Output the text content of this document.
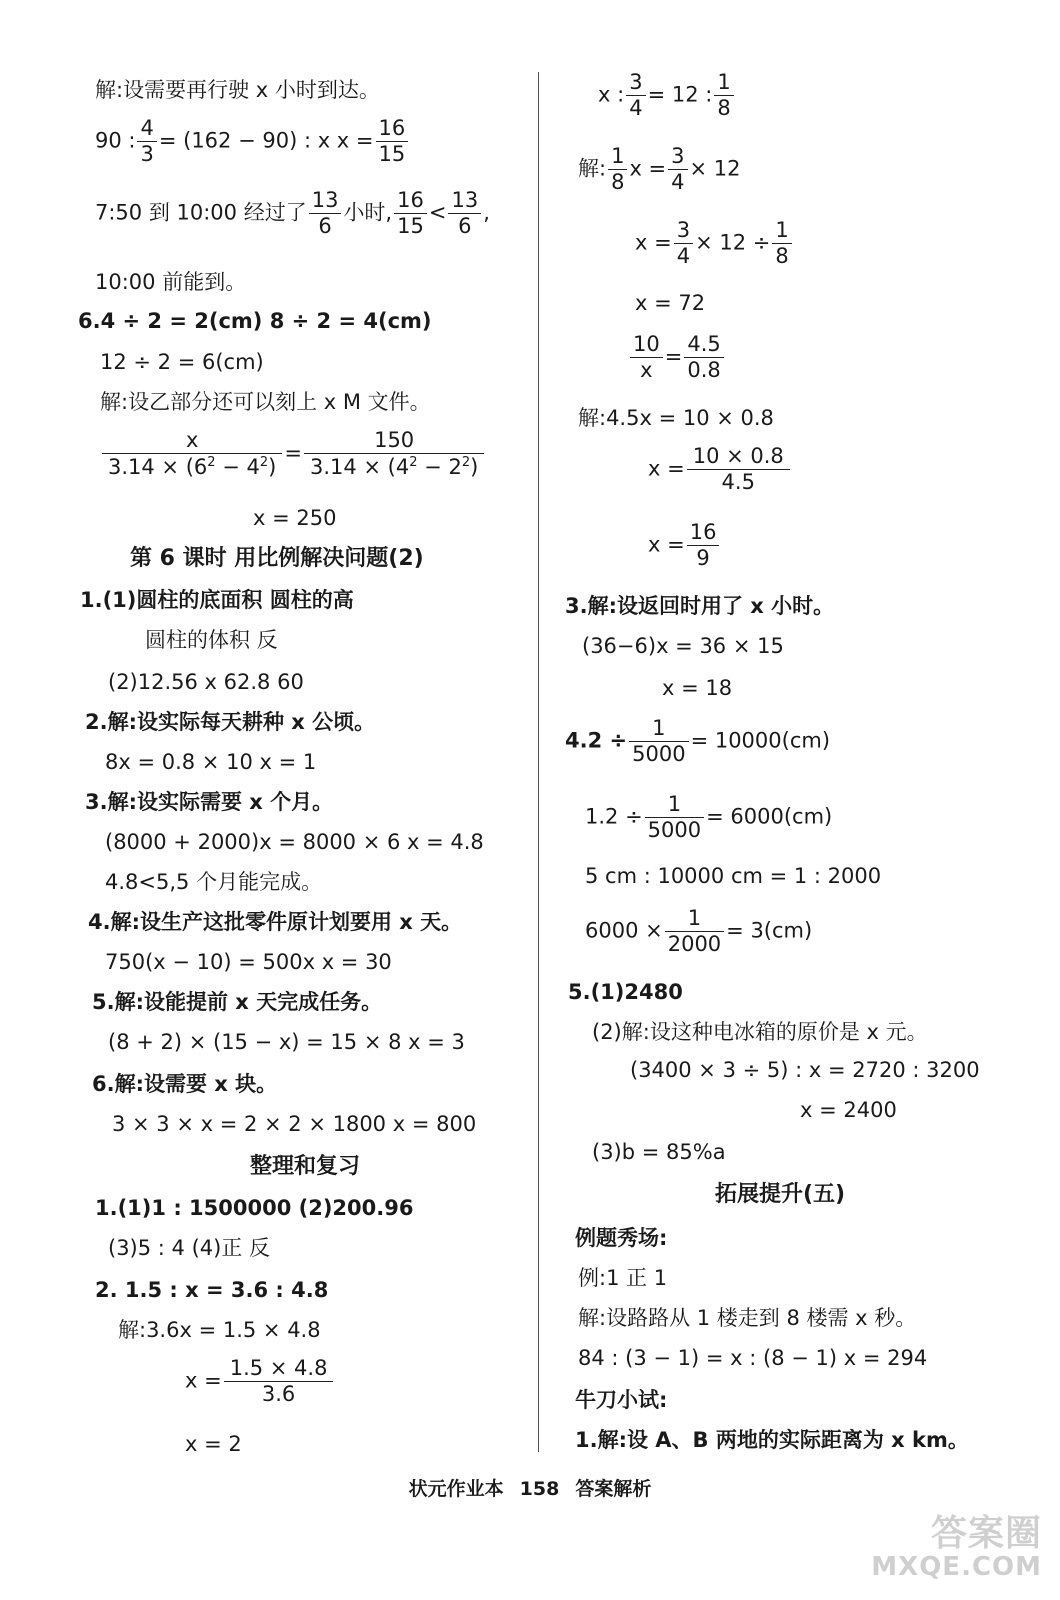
解:设需要再行驶 x 小时到达。
90 : $\frac{4}{3} = (162 - 90)$ : x $x = \frac{16}{15}$
7:50 到 10:00 经过了 $\frac{13}{6}$ 小时, $\frac{16}{15} < \frac{13}{6}$ ,
10:00 前能到。
6.4 ÷ 2 = 2(cm) 8 ÷ 2 = 4(cm)
12 ÷ 2 = 6(cm)
解:设乙部分还可以刻上 x M 文件。
$\frac{x}{3.14 \times (6^2 - 4^2)} = \frac{150}{3.14 \times (4^2 - 2^2)}$
x = 250
第 6 课时 用比例解决问题(2)
1.(1)圆柱的底面积 圆柱的高
圆柱的体积 反
(2)12.56 x 62.8 60
2.解:设实际每天耕种 x 公顷。
8x = 0.8 × 10 x = 1
3.解:设实际需要 x 个月。
(8000 + 2000)x = 8000 × 6 x = 4.8
4.8<5,5 个月能完成。
4.解:设生产这批零件原计划要用 x 天。
750(x − 10) = 500x x = 30
5.解:设能提前 x 天完成任务。
(8 + 2) × (15 − x) = 15 × 8 x = 3
6.解:设需要 x 块。
3 × 3 × x = 2 × 2 × 1800 x = 800
整理和复习
1.(1)1 : 1500000 (2)200.96
(3)5 : 4 (4)正 反
2. 1.5 : x = 3.6 : 4.8
解:3.6x = 1.5 × 4.8
$x = \frac{1.5 \times 4.8}{3.6}$
x = 2
x : $\frac{3}{4} = 12$ : $\frac{1}{8}$
解: $\frac{1}{8}$ $x = \frac{3}{4} \times 12$
$x = \frac{3}{4} \times 12 \div \frac{1}{8}$
x = 72
$\frac{10}{x} = \frac{4.5}{0.8}$
解:4.5x = 10 × 0.8
$x = \frac{10 \times 0.8}{4.5}$
$x = \frac{16}{9}$
3.解:设返回时用了 x 小时。
(36−6)x = 36 × 15
x = 18
$4.2 \div \frac{1}{5000} = 10000(cm)$
$1.2 \div \frac{1}{5000} = 6000(cm)$
5 cm : 10000 cm = 1 : 2000
$6000 \times \frac{1}{2000} = 3(cm)$
5.(1)2480
(2)解:设这种电冰箱的原价是 x 元。
(3400 × 3 ÷ 5) : x = 2720 : 3200
x = 2400
(3)b = 85%a
拓展提升(五)
例题秀场:
例:1 正 1
解:设路路从 1 楼走到 8 楼需 x 秒。
84 : (3 − 1) = x : (8 − 1) x = 294
牛刀小试:
1.解:设 A、B 两地的实际距离为 x km。
状元作业本 158 答案解析
答案圈
MXQE.COM
